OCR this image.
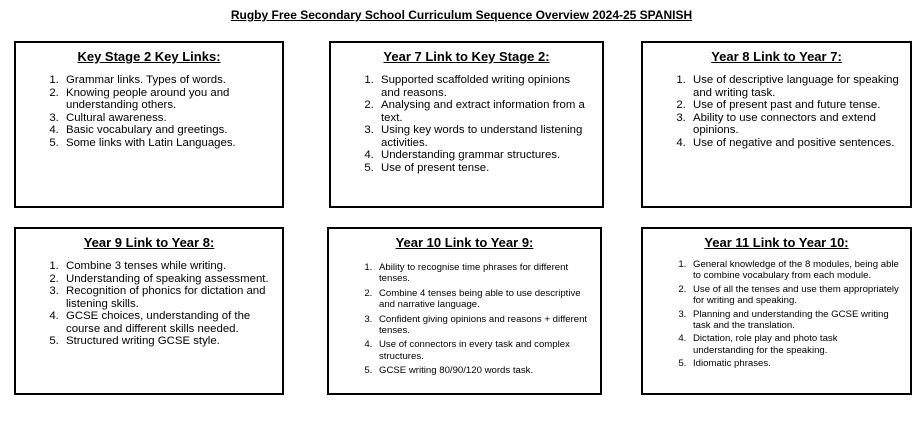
Rugby Free Secondary School Curriculum Sequence Overview 2024-25 SPANISH
Key Stage 2 Key Links:
1. Grammar links. Types of words.
2. Knowing people around you and understanding others.
3. Cultural awareness.
4. Basic vocabulary and greetings.
5. Some links with Latin Languages.
Year 7 Link to Key Stage 2:
1. Supported scaffolded writing opinions and reasons.
2. Analysing and extract information from a text.
3. Using key words to understand listening activities.
4. Understanding grammar structures.
5. Use of present tense.
Year 8 Link to Year 7:
1. Use of descriptive language for speaking and writing task.
2. Use of present past and future tense.
3. Ability to use connectors and extend opinions.
4. Use of negative and positive sentences.
Year 9 Link to Year 8:
1. Combine 3 tenses while writing.
2. Understanding of speaking assessment.
3. Recognition of phonics for dictation and listening skills.
4. GCSE choices, understanding of the course and different skills needed.
5. Structured writing GCSE style.
Year 10 Link to Year 9:
1. Ability to recognise time phrases for different tenses.
2. Combine 4 tenses being able to use descriptive and narrative language.
3. Confident giving opinions and reasons + different tenses.
4. Use of connectors in every task and complex structures.
5. GCSE writing 80/90/120 words task.
Year 11 Link to Year 10:
1. General knowledge of the 8 modules, being able to combine vocabulary from each module.
2. Use of all the tenses and use them appropriately for writing and speaking.
3. Planning and understanding the GCSE writing task and the translation.
4. Dictation, role play and photo task understanding for the speaking.
5. Idiomatic phrases.
